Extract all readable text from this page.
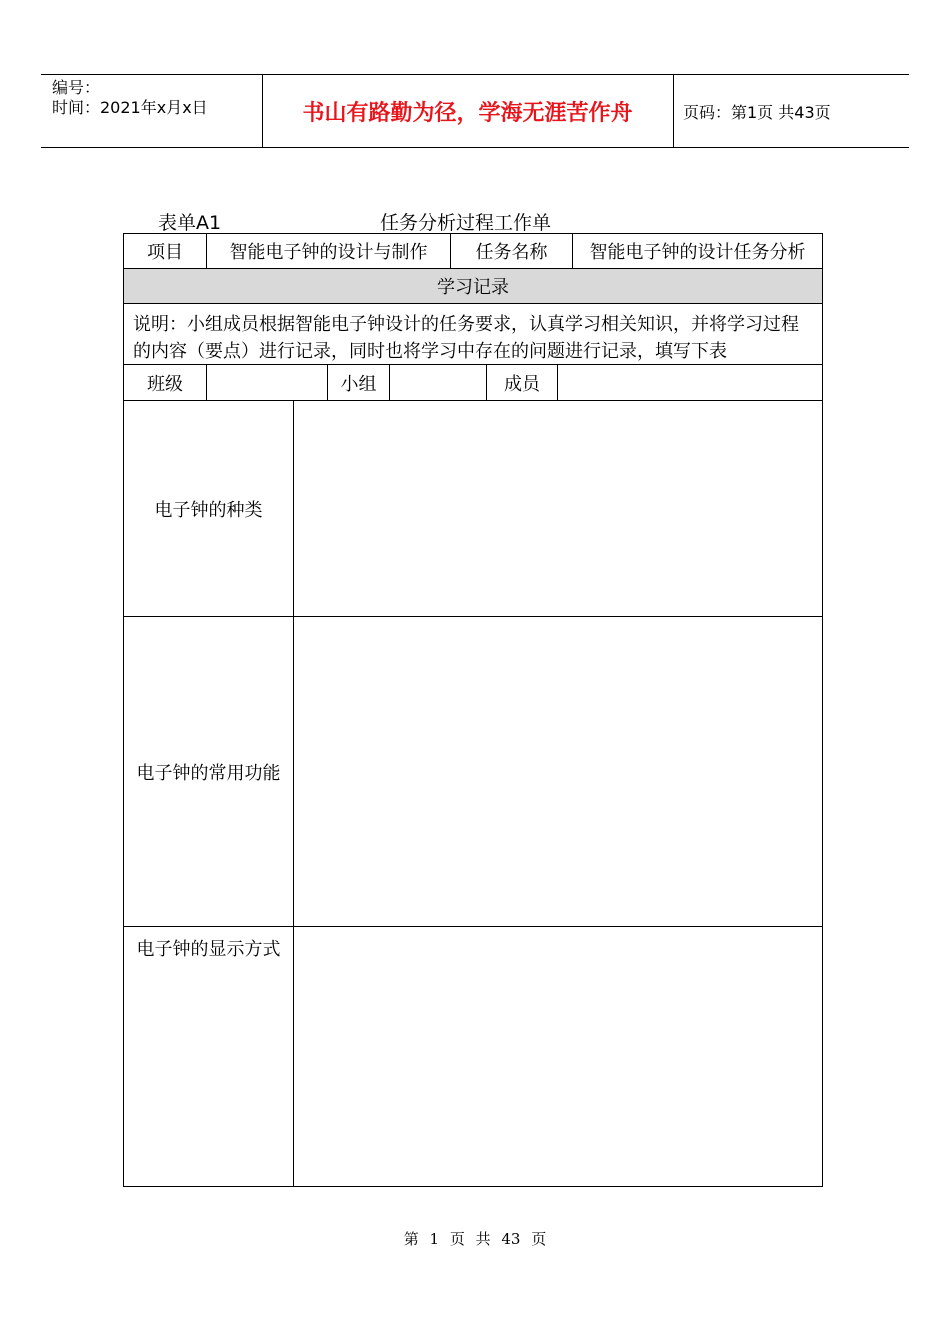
编号：
时间：2021年x月x日	书山有路勤为径，学海无涯苦作舟	页码：第1页 共43页
表单A1	任务分析过程工作单
项目	智能电子钟的设计与制作	任务名称	智能电子钟的设计任务分析
学习记录
说明：小组成员根据智能电子钟设计的任务要求，认真学习相关知识，并将学习过程的内容（要点）进行记录，同时也将学习中存在的问题进行记录，填写下表
班级	小组	成员
电子钟的种类
电子钟的常用功能
电子钟的显示方式
第 1 页 共 43 页
